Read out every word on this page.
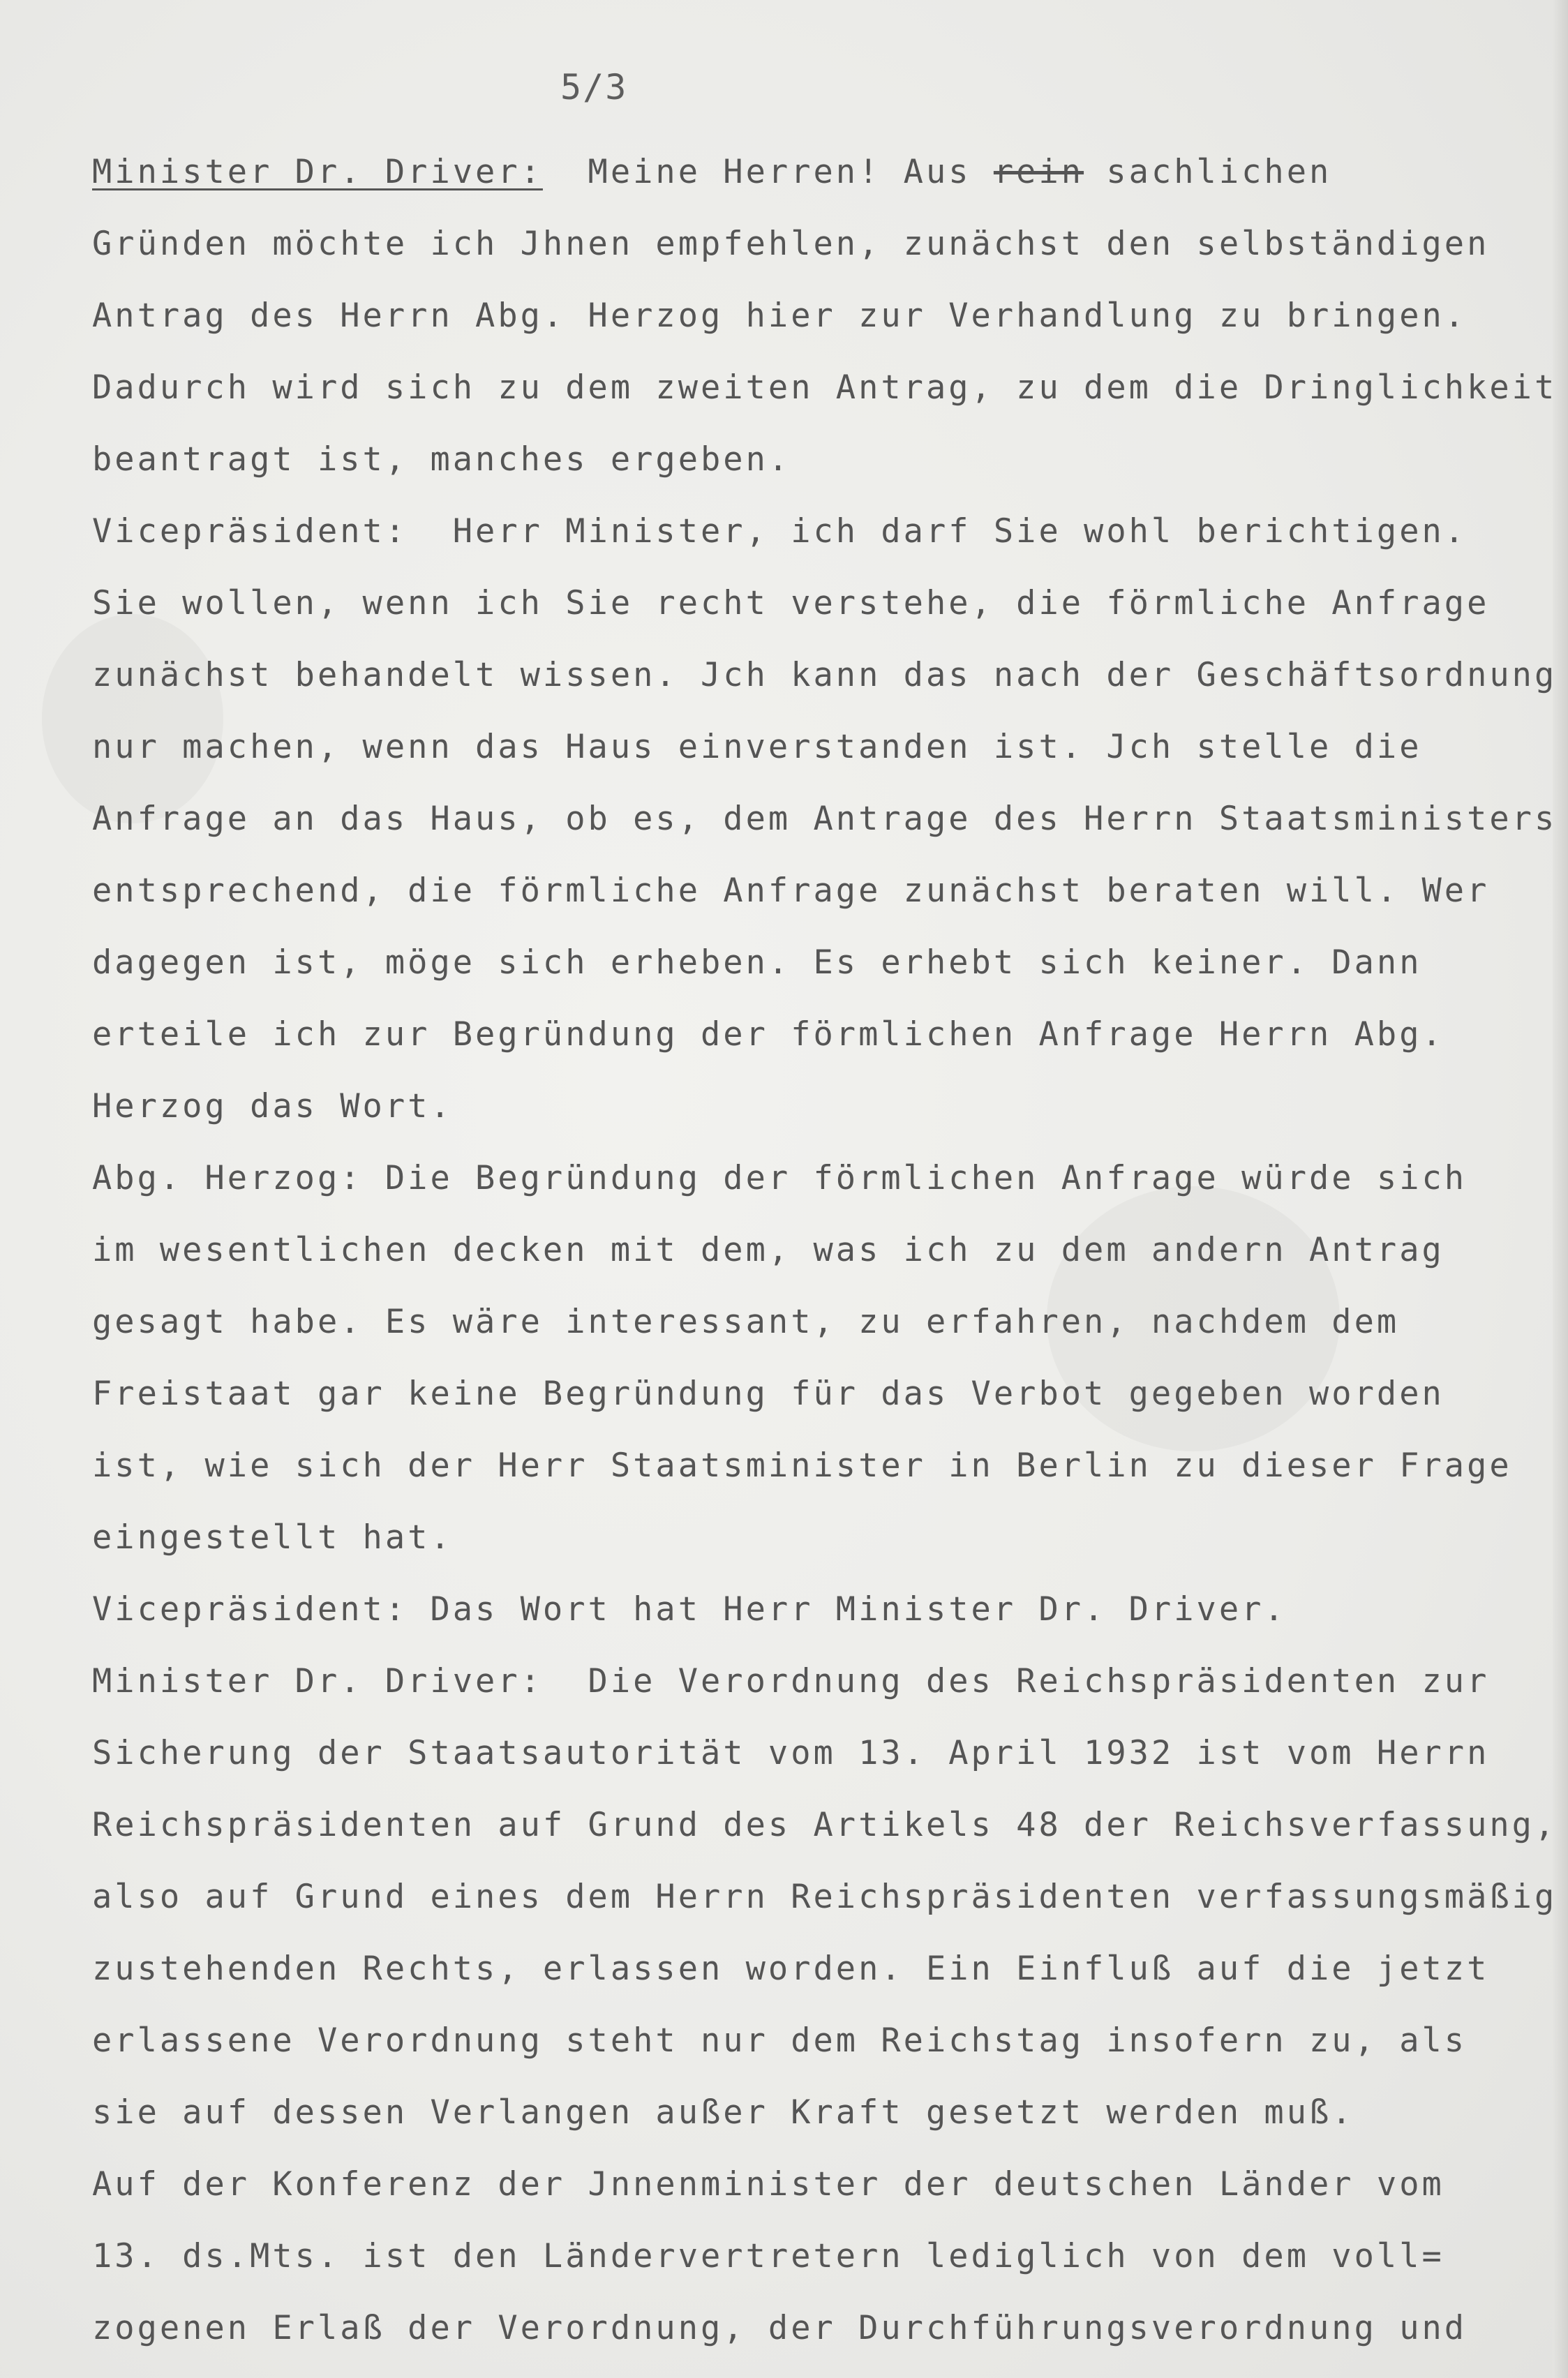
5/3

Minister Dr. Driver:  Meine Herren! Aus rein sachlichen
Gründen möchte ich Jhnen empfehlen, zunächst den selbständigen
Antrag des Herrn Abg. Herzog hier zur Verhandlung zu bringen.
Dadurch wird sich zu dem zweiten Antrag, zu dem die Dringlichkeit
beantragt ist, manches ergeben.
Vicepräsident:  Herr Minister, ich darf Sie wohl berichtigen.
Sie wollen, wenn ich Sie recht verstehe, die förmliche Anfrage
zunächst behandelt wissen. Jch kann das nach der Geschäftsordnung
nur machen, wenn das Haus einverstanden ist. Jch stelle die
Anfrage an das Haus, ob es, dem Antrage des Herrn Staatsministers
entsprechend, die förmliche Anfrage zunächst beraten will. Wer
dagegen ist, möge sich erheben. Es erhebt sich keiner. Dann
erteile ich zur Begründung der förmlichen Anfrage Herrn Abg.
Herzog das Wort.
Abg. Herzog: Die Begründung der förmlichen Anfrage würde sich
im wesentlichen decken mit dem, was ich zu dem andern Antrag
gesagt habe. Es wäre interessant, zu erfahren, nachdem dem
Freistaat gar keine Begründung für das Verbot gegeben worden
ist, wie sich der Herr Staatsminister in Berlin zu dieser Frage
eingestellt hat.
Vicepräsident: Das Wort hat Herr Minister Dr. Driver.
Minister Dr. Driver:  Die Verordnung des Reichspräsidenten zur
Sicherung der Staatsautorität vom 13. April 1932 ist vom Herrn
Reichspräsidenten auf Grund des Artikels 48 der Reichsverfassung,
also auf Grund eines dem Herrn Reichspräsidenten verfassungsmäßig
zustehenden Rechts, erlassen worden. Ein Einfluß auf die jetzt
erlassene Verordnung steht nur dem Reichstag insofern zu, als
sie auf dessen Verlangen außer Kraft gesetzt werden muß.
Auf der Konferenz der Jnnenminister der deutschen Länder vom
13. ds.Mts. ist den Ländervertretern lediglich von dem voll=
zogenen Erlaß der Verordnung, der Durchführungsverordnung und
